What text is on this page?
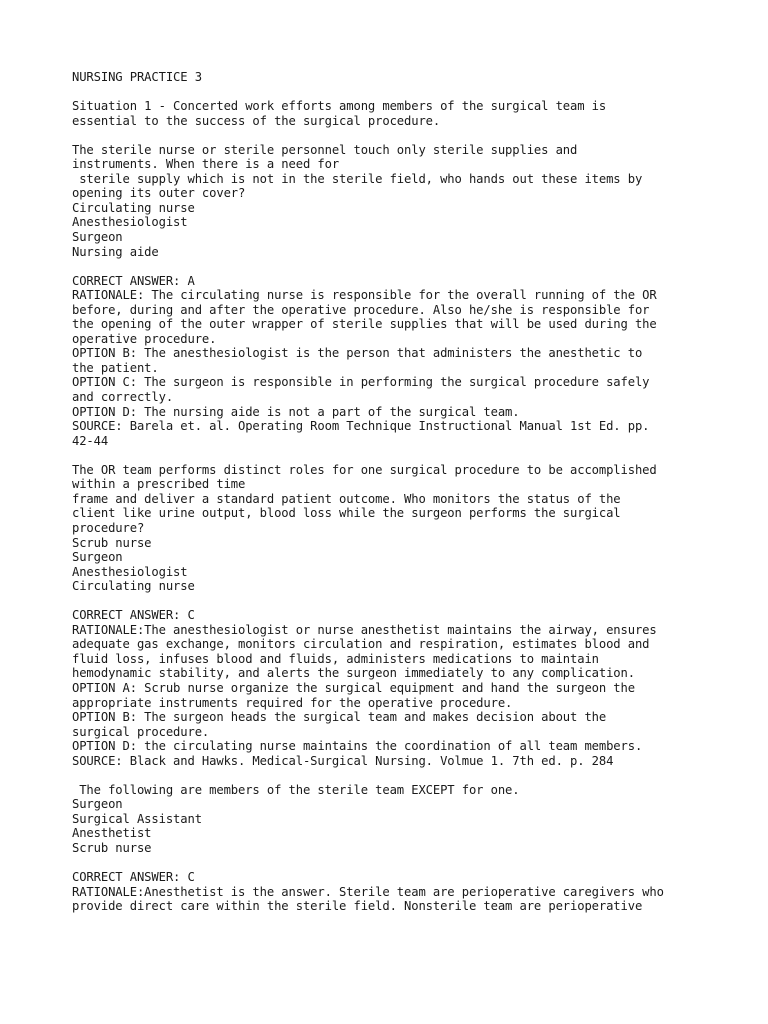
NURSING PRACTICE 3
Situation 1 - Concerted work efforts among members of the surgical team is
essential to the success of the surgical procedure.
The sterile nurse or sterile personnel touch only sterile supplies and
instruments. When there is a need for
sterile supply which is not in the sterile field, who hands out these items by
opening its outer cover?
Circulating nurse
Anesthesiologist
Surgeon
Nursing aide
CORRECT ANSWER: A
RATIONALE: The circulating nurse is responsible for the overall running of the OR
before, during and after the operative procedure. Also he/she is responsible for
the opening of the outer wrapper of sterile supplies that will be used during the
operative procedure.
OPTION B: The anesthesiologist is the person that administers the anesthetic to
the patient.
OPTION C: The surgeon is responsible in performing the surgical procedure safely
and correctly.
OPTION D: The nursing aide is not a part of the surgical team.
SOURCE: Barela et. al. Operating Room Technique Instructional Manual 1st Ed. pp.
42-44
The OR team performs distinct roles for one surgical procedure to be accomplished
within a prescribed time
frame and deliver a standard patient outcome. Who monitors the status of the
client like urine output, blood loss while the surgeon performs the surgical
procedure?
Scrub nurse
Surgeon
Anesthesiologist
Circulating nurse
CORRECT ANSWER: C
RATIONALE:The anesthesiologist or nurse anesthetist maintains the airway, ensures
adequate gas exchange, monitors circulation and respiration, estimates blood and
fluid loss, infuses blood and fluids, administers medications to maintain
hemodynamic stability, and alerts the surgeon immediately to any complication.
OPTION A: Scrub nurse organize the surgical equipment and hand the surgeon the
appropriate instruments required for the operative procedure.
OPTION B: The surgeon heads the surgical team and makes decision about the
surgical procedure.
OPTION D: the circulating nurse maintains the coordination of all team members.
SOURCE: Black and Hawks. Medical-Surgical Nursing. Volmue 1. 7th ed. p. 284
The following are members of the sterile team EXCEPT for one.
Surgeon
Surgical Assistant
Anesthetist
Scrub nurse
CORRECT ANSWER: C
RATIONALE:Anesthetist is the answer. Sterile team are perioperative caregivers who
provide direct care within the sterile field. Nonsterile team are perioperative
